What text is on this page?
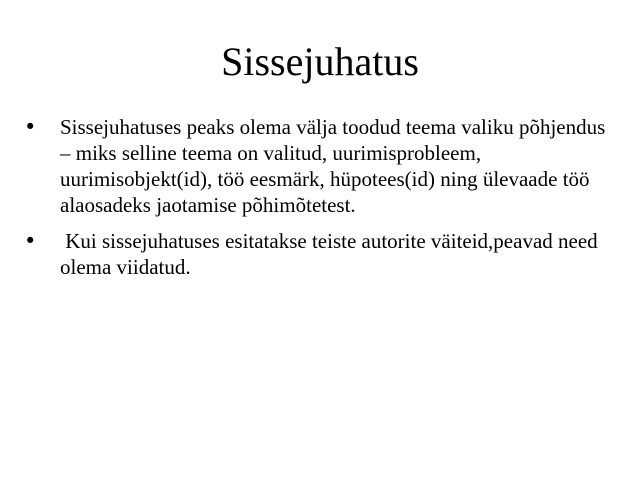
Sissejuhatus
•	Sissejuhatuses peaks olema välja toodud teema valiku põhjendus – miks selline teema on valitud, uurimisprobleem, uurimisobjekt(id), töö eesmärk, hüpotees(id) ning ülevaade töö alaosadeks jaotamise põhimõtetest.
•	Kui sissejuhatuses esitatakse teiste autorite väiteid,peavad need olema viidatud.
